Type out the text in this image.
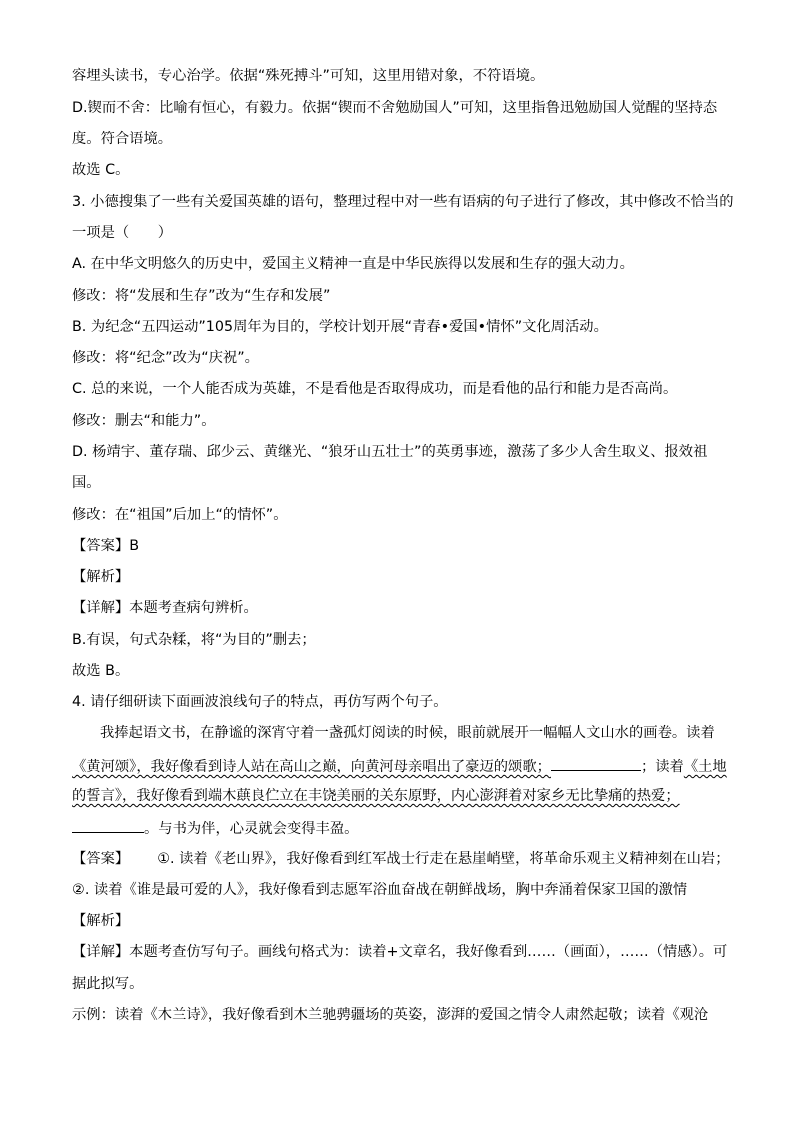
容埋头读书，专心治学。依据“殊死搏斗”可知，这里用错对象，不符语境。
D.锲而不舍：比喻有恒心，有毅力。依据“锲而不舍勉励国人”可知，这里指鲁迅勉励国人觉醒的坚持态
度。符合语境。
故选 C。
3. 小德搜集了一些有关爱国英雄的语句，整理过程中对一些有语病的句子进行了修改，其中修改不恰当的
一项是（　　）
A. 在中华文明悠久的历史中，爱国主义精神一直是中华民族得以发展和生存的强大动力。
修改：将“发展和生存”改为“生存和发展”
B. 为纪念“五四运动”105周年为目的，学校计划开展“青春•爱国•情怀”文化周活动。
修改：将“纪念”改为“庆祝”。
C. 总的来说，一个人能否成为英雄，不是看他是否取得成功，而是看他的品行和能力是否高尚。
修改：删去“和能力”。
D. 杨靖宇、董存瑞、邱少云、黄继光、“狼牙山五壮士”的英勇事迹，激荡了多少人舍生取义、报效祖
国。
修改：在“祖国”后加上“的情怀”。
【答案】B
【解析】
【详解】本题考查病句辨析。
B.有误，句式杂糅，将“为目的”删去；
故选 B。
4. 请仔细研读下面画波浪线句子的特点，再仿写两个句子。
我捧起语文书，在静谧的深宵守着一盏孤灯阅读的时候，眼前就展开一幅幅人文山水的画卷。读着
《黄河颂》，我好像看到诗人站在高山之巅，向黄河母亲唱出了豪迈的颂歌；	；读着《土地
的誓言》，我好像看到端木蕻良伫立在丰饶美丽的关东原野，内心澎湃着对家乡无比挚痛的热爱；
。与书为伴，心灵就会变得丰盈。
【答案】 ①. 读着《老山界》，我好像看到红军战士行走在悬崖峭壁，将革命乐观主义精神刻在山岩；
②. 读着《谁是最可爱的人》，我好像看到志愿军浴血奋战在朝鲜战场，胸中奔涌着保家卫国的激情
【解析】
【详解】本题考查仿写句子。画线句格式为：读着+文章名，我好像看到……（画面），……（情感）。可
据此拟写。
示例：读着《木兰诗》，我好像看到木兰驰骋疆场的英姿，澎湃的爱国之情令人肃然起敬；读着《观沧
